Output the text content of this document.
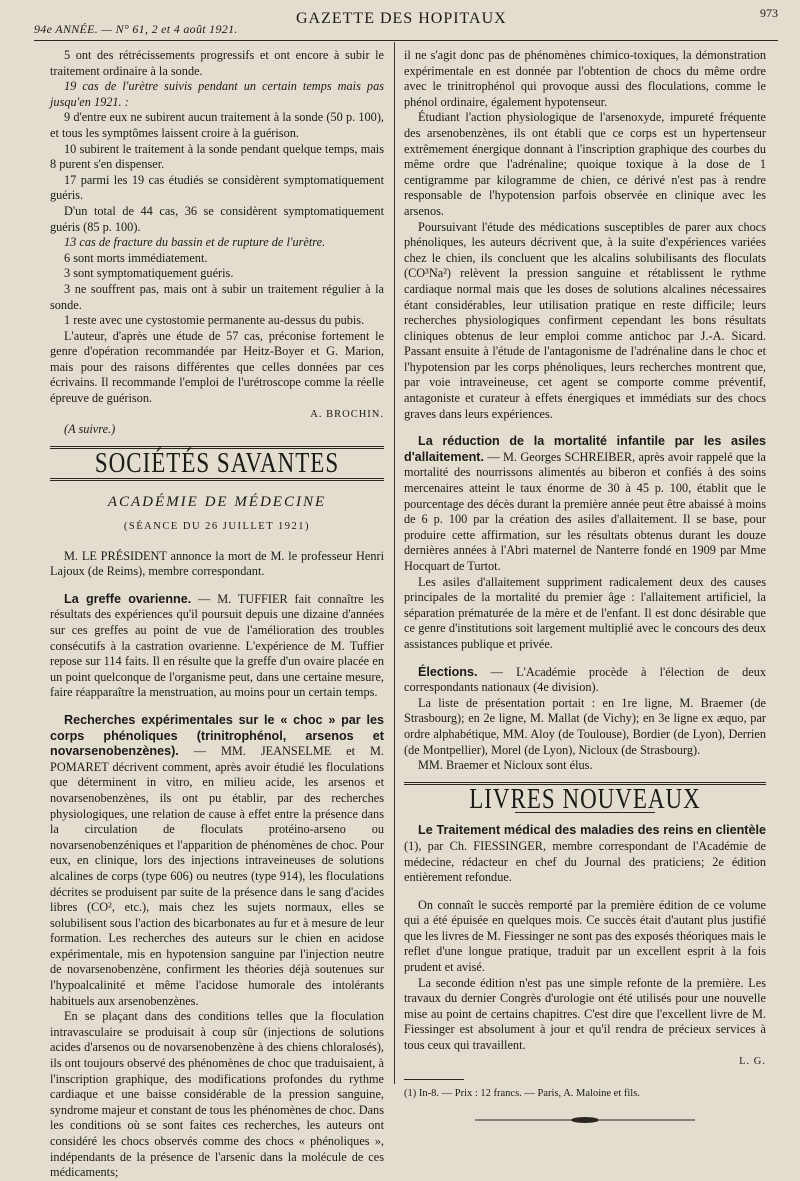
94e ANNÉE. — N° 61, 2 et 4 août 1921.
GAZETTE DES HOPITAUX	973

5 ont des rétrécissements progressifs et ont encore à subir le traitement ordinaire à la sonde.

19 cas de l'urètre suivis pendant un certain temps mais pas jusqu'en 1921. :

9 d'entre eux ne subirent aucun traitement à la sonde (50 p. 100), et tous les symptômes laissent croire à la guérison.

10 subirent le traitement à la sonde pendant quelque temps, mais 8 purent s'en dispenser.

17 parmi les 19 cas étudiés se considèrent symptomatiquement guéris.

D'un total de 44 cas, 36 se considèrent symptomatiquement guéris (85 p. 100).

13 cas de fracture du bassin et de rupture de l'urètre.

6 sont morts immédiatement.

3 sont symptomatiquement guéris.

3 ne souffrent pas, mais ont à subir un traitement régulier à la sonde.

1 reste avec une cystostomie permanente au-dessus du pubis.

L'auteur, d'après une étude de 57 cas, préconise fortement le genre d'opération recommandée par Heitz-Boyer et G. Marion, mais pour des raisons différentes que celles données par ces écrivains. Il recommande l'emploi de l'urétroscope comme la réelle épreuve de guérison.

A. BROCHIN.

(A suivre.)

SOCIÉTÉS SAVANTES
ACADÉMIE DE MÉDECINE
(SÉANCE DU 26 JUILLET 1921)

M. LE PRÉSIDENT annonce la mort de M. le professeur Henri Lajoux (de Reims), membre correspondant.

La greffe ovarienne. — M. TUFFIER fait connaître les résultats des expériences qu'il poursuit depuis une dizaine d'années sur ces greffes au point de vue de l'amélioration des troubles consécutifs à la castration ovarienne. L'expérience de M. Tuffier repose sur 114 faits. Il en résulte que la greffe d'un ovaire placée en un point quelconque de l'organisme peut, dans une certaine mesure, faire réapparaître la menstruation, au moins pour un certain temps.

Recherches expérimentales sur le « choc » par les corps phénoliques (trinitrophénol, arsenos et novarsenobenzènes). — MM. JEANSELME et M. POMARET décrivent comment, après avoir étudié les floculations que déterminent in vitro, en milieu acide, les arsenos et novarsenobenzènes, ils ont pu établir, par des recherches physiologiques, une relation de cause à effet entre la présence dans la circulation de floculats protéino-arseno ou novarsenobenzéniques et l'apparition de phénomènes de choc. Pour eux, en clinique, lors des injections intraveineuses de solutions alcalines de corps (type 606) ou neutres (type 914), les floculations décrites se produisent par suite de la présence dans le sang d'acides libres (CO², etc.), mais chez les sujets normaux, elles se solubilisent sous l'action des bicarbonates au fur et à mesure de leur formation. Les recherches des auteurs sur le chien en acidose expérimentale, mis en hypotension sanguine par l'injection neutre de novarsenobenzène, confirment les théories déjà soutenues sur l'hypoalcalinité et même l'acidose humorale des intolérants habituels aux arsenobenzènes.

En se plaçant dans des conditions telles que la floculation intravasculaire se produisait à coup sûr (injections de solutions acides d'arsenos ou de novarsenobenzène à des chiens chloralosés), ils ont toujours observé des phénomènes de choc que traduisaient, à l'inscription graphique, des modifications profondes du rythme cardiaque et une baisse considérable de la pression sanguine, syndrome majeur et constant de tous les phénomènes de choc. Dans les conditions où se sont faites ces recherches, les auteurs ont considéré les chocs observés comme des chocs « phénoliques », indépendants de la présence de l'arsenic dans la molécule de ces médicaments;

il ne s'agit donc pas de phénomènes chimico-toxiques, la démonstration expérimentale en est donnée par l'obtention de chocs du même ordre avec le trinitrophénol qui provoque aussi des floculations, comme le phénol ordinaire, également hypotenseur.

Étudiant l'action physiologique de l'arsenoxyde, impureté fréquente des arsenobenzènes, ils ont établi que ce corps est un hypertenseur extrêmement énergique donnant à l'inscription graphique des courbes du même ordre que l'adrénaline; quoique toxique à la dose de 1 centigramme par kilogramme de chien, ce dérivé n'est pas à rendre responsable de l'hypotension parfois observée en clinique avec les arsenos.

Poursuivant l'étude des médications susceptibles de parer aux chocs phénoliques, les auteurs décrivent que, à la suite d'expériences variées chez le chien, ils concluent que les alcalins solubilisants des floculats (CO³Na²) relèvent la pression sanguine et rétablissent le rythme cardiaque normal mais que les doses de solutions alcalines nécessaires étant considérables, leur utilisation pratique en reste difficile; leurs recherches physiologiques confirment cependant les bons résultats cliniques obtenus de leur emploi comme antichoc par J.-A. Sicard. Passant ensuite à l'étude de l'antagonisme de l'adrénaline dans le choc et l'hypotension par les corps phénoliques, leurs recherches montrent que, par voie intraveineuse, cet agent se comporte comme préventif, antagoniste et curateur à effets énergiques et immédiats sur des chocs graves dans leurs expériences.

La réduction de la mortalité infantile par les asiles d'allaitement. — M. Georges SCHREIBER, après avoir rappelé que la mortalité des nourrissons alimentés au biberon et confiés à des soins mercenaires atteint le taux énorme de 30 à 45 p. 100, établit que le pourcentage des décès durant la première année peut être abaissé à moins de 6 p. 100 par la création des asiles d'allaitement. Il se base, pour produire cette affirmation, sur les résultats obtenus durant les douze dernières années à l'Abri maternel de Nanterre fondé en 1909 par Mme Hocquart de Turtot.

Les asiles d'allaitement suppriment radicalement deux des causes principales de la mortalité du premier âge : l'allaitement artificiel, la séparation prématurée de la mère et de l'enfant. Il est donc désirable que ce genre d'institutions soit largement multiplié avec le concours des deux assistances publique et privée.

Élections. — L'Académie procède à l'élection de deux correspondants nationaux (4e division).

La liste de présentation portait : en 1re ligne, M. Braemer (de Strasbourg); en 2e ligne, M. Mallat (de Vichy); en 3e ligne ex æquo, par ordre alphabétique, MM. Aloy (de Toulouse), Bordier (de Lyon), Derrien (de Montpellier), Morel (de Lyon), Nicloux (de Strasbourg).

MM. Braemer et Nicloux sont élus.

LIVRES NOUVEAUX

Le Traitement médical des maladies des reins en clientèle (1), par Ch. FIESSINGER, membre correspondant de l'Académie de médecine, rédacteur en chef du Journal des praticiens; 2e édition entièrement refondue.

On connaît le succès remporté par la première édition de ce volume qui a été épuisée en quelques mois. Ce succès était d'autant plus justifié que les livres de M. Fiessinger ne sont pas des exposés théoriques mais le reflet d'une longue pratique, traduit par un excellent esprit à la fois prudent et avisé.

La seconde édition n'est pas une simple refonte de la première. Les travaux du dernier Congrès d'urologie ont été utilisés pour une nouvelle mise au point de certains chapitres. C'est dire que l'excellent livre de M. Fiessinger est absolument à jour et qu'il rendra de précieux services à tous ceux qui travaillent.

L. G.

(1) In-8. — Prix : 12 francs. — Paris, A. Maloine et fils.
